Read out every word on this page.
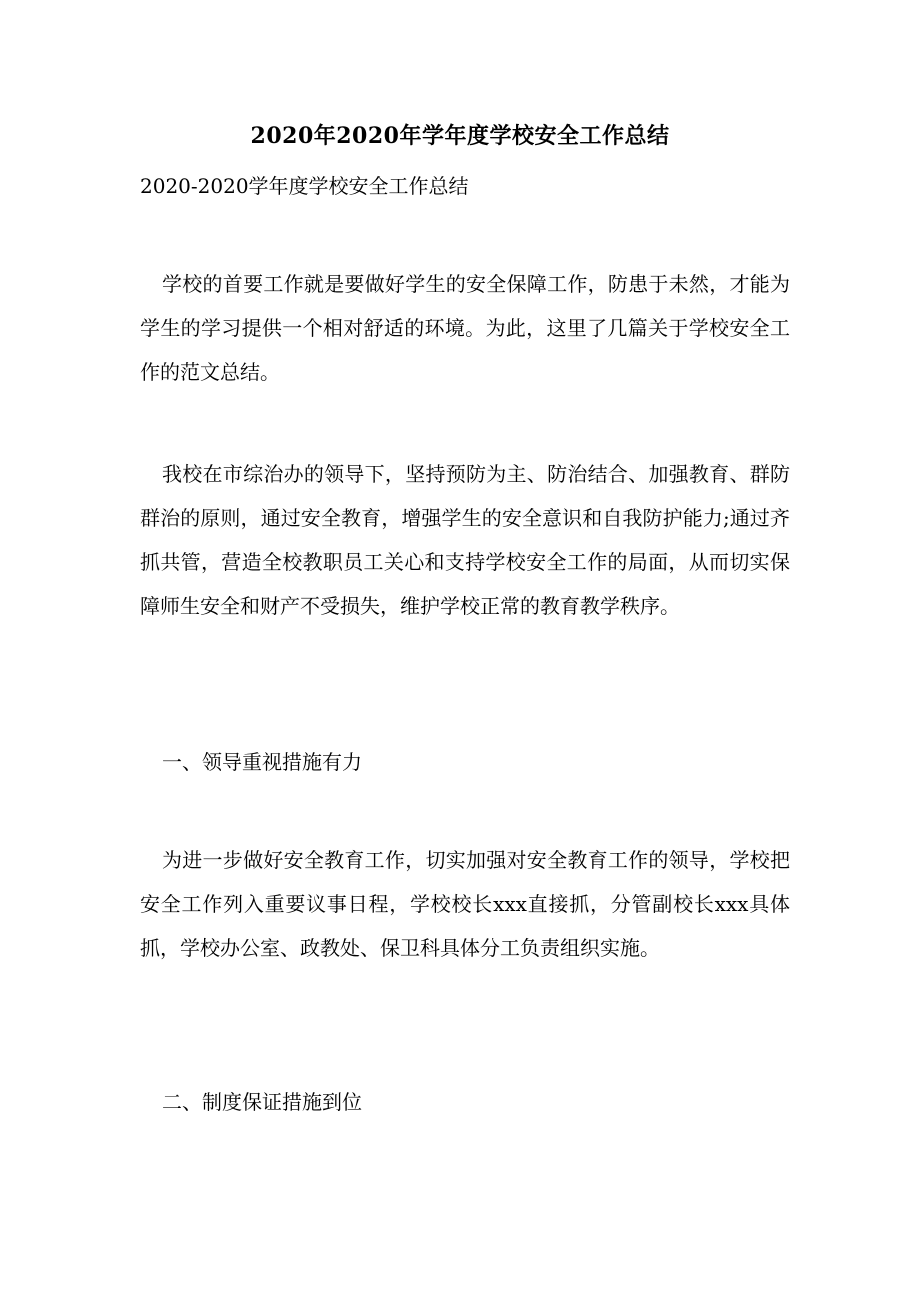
2020年2020年学年度学校安全工作总结
2020-2020学年度学校安全工作总结
学校的首要工作就是要做好学生的安全保障工作，防患于未然，才能为学生的学习提供一个相对舒适的环境。为此，这里了几篇关于学校安全工作的范文总结。
我校在市综治办的领导下，坚持预防为主、防治结合、加强教育、群防群治的原则，通过安全教育，增强学生的安全意识和自我防护能力;通过齐抓共管，营造全校教职员工关心和支持学校安全工作的局面，从而切实保障师生安全和财产不受损失，维护学校正常的教育教学秩序。
一、领导重视措施有力
为进一步做好安全教育工作，切实加强对安全教育工作的领导，学校把安全工作列入重要议事日程，学校校长xxx直接抓，分管副校长xxx具体抓，学校办公室、政教处、保卫科具体分工负责组织实施。
二、制度保证措施到位
